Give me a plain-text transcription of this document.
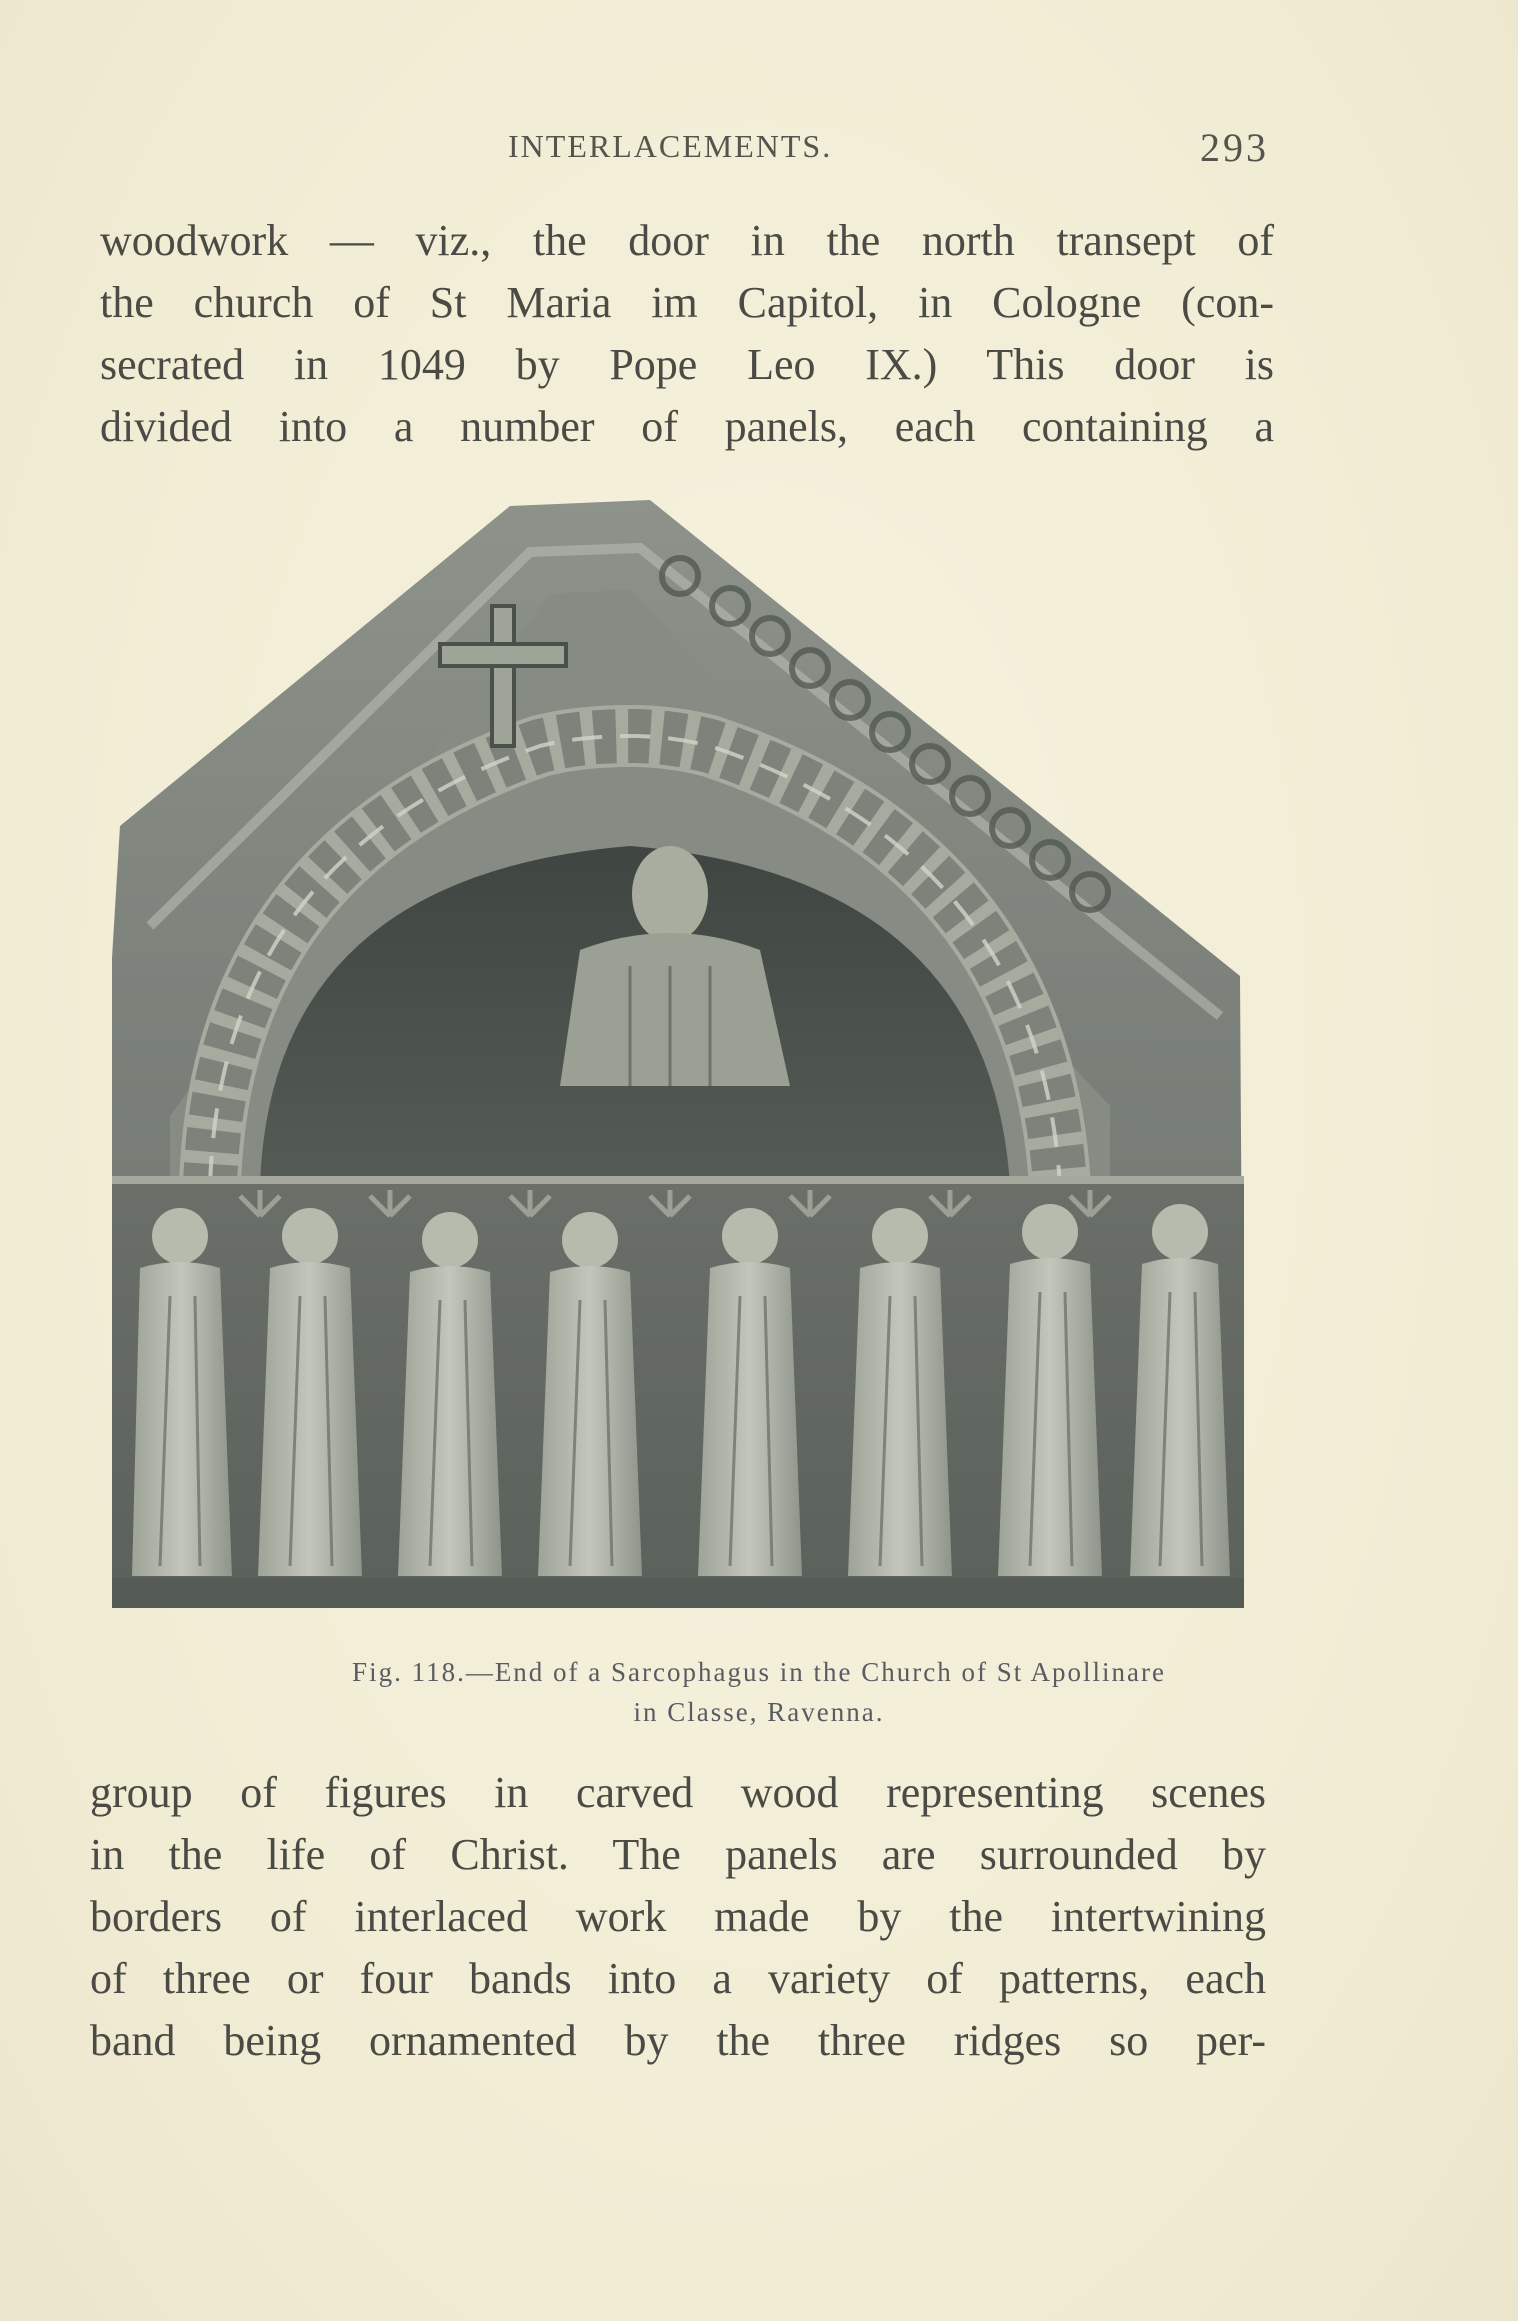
INTERLACEMENTS.	293
woodwork — viz., the door in the north transept of
the church of St Maria im Capitol, in Cologne (con-
secrated in 1049 by Pope Leo IX.) This door is
divided into a number of panels, each containing a
Fig. 118.—End of a Sarcophagus in the Church of St Apollinare
in Classe, Ravenna.
group of figures in carved wood representing scenes
in the life of Christ. The panels are surrounded by
borders of interlaced work made by the intertwining
of three or four bands into a variety of patterns, each
band being ornamented by the three ridges so per-
